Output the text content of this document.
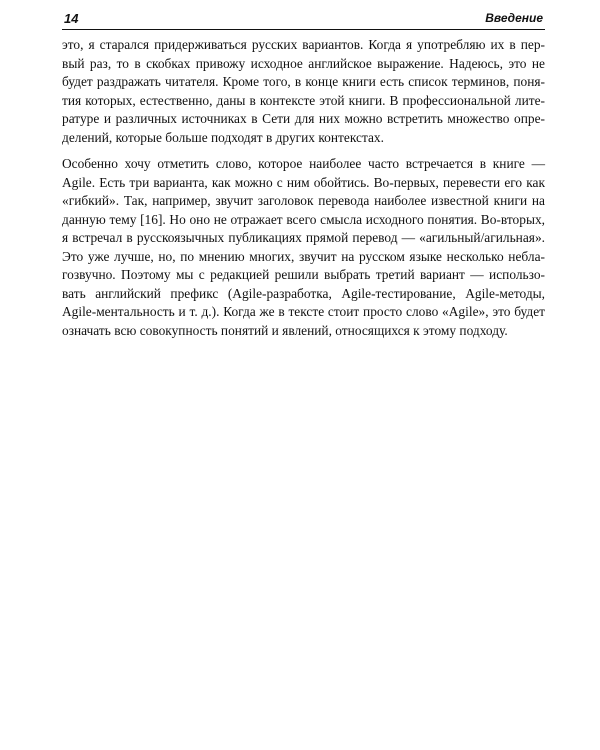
14	Введение
это, я старался придерживаться русских вариантов. Когда я употребляю их в пер-
вый раз, то в скобках привожу исходное английское выражение. Надеюсь, это не
будет раздражать читателя. Кроме того, в конце книги есть список терминов, поня-
тия которых, естественно, даны в контексте этой книги. В профессиональной лите-
ратуре и различных источниках в Сети для них можно встретить множество опре-
делений, которые больше подходят в других контекстах.
Особенно хочу отметить слово, которое наиболее часто встречается в книге —
Agile. Есть три варианта, как можно с ним обойтись. Во-первых, перевести его как
«гибкий». Так, например, звучит заголовок перевода наиболее известной книги на
данную тему [16]. Но оно не отражает всего смысла исходного понятия. Во-вторых,
я встречал в русскоязычных публикациях прямой перевод — «агильный/агильная».
Это уже лучше, но, по мнению многих, звучит на русском языке несколько небла-
гозвучно. Поэтому мы с редакцией решили выбрать третий вариант — использо-
вать английский префикс (Agile-разработка, Agile-тестирование, Agile-методы,
Agile-ментальность и т. д.). Когда же в тексте стоит просто слово «Agile», это будет
означать всю совокупность понятий и явлений, относящихся к этому подходу.
